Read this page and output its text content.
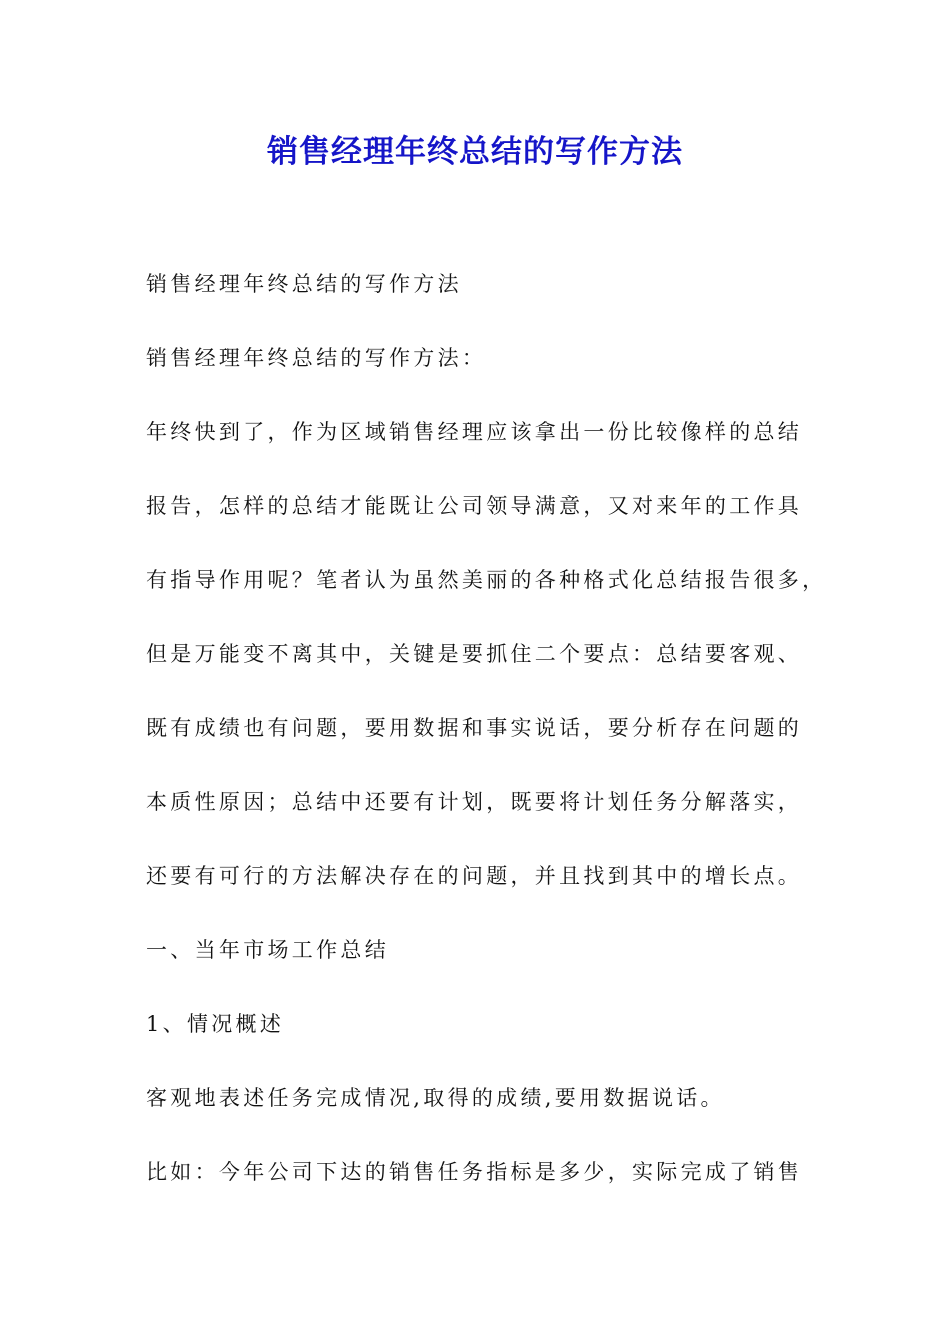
销售经理年终总结的写作方法

销售经理年终总结的写作方法

销售经理年终总结的写作方法：

年终快到了，作为区域销售经理应该拿出一份比较像样的总结

报告，怎样的总结才能既让公司领导满意，又对来年的工作具

有指导作用呢？笔者认为虽然美丽的各种格式化总结报告很多，

但是万能变不离其中，关键是要抓住二个要点：总结要客观、

既有成绩也有问题，要用数据和事实说话，要分析存在问题的

本质性原因；总结中还要有计划，既要将计划任务分解落实，

还要有可行的方法解决存在的问题，并且找到其中的增长点。

一、当年市场工作总结

1、情况概述

客观地表述任务完成情况,取得的成绩,要用数据说话。

比如：今年公司下达的销售任务指标是多少，实际完成了销售
